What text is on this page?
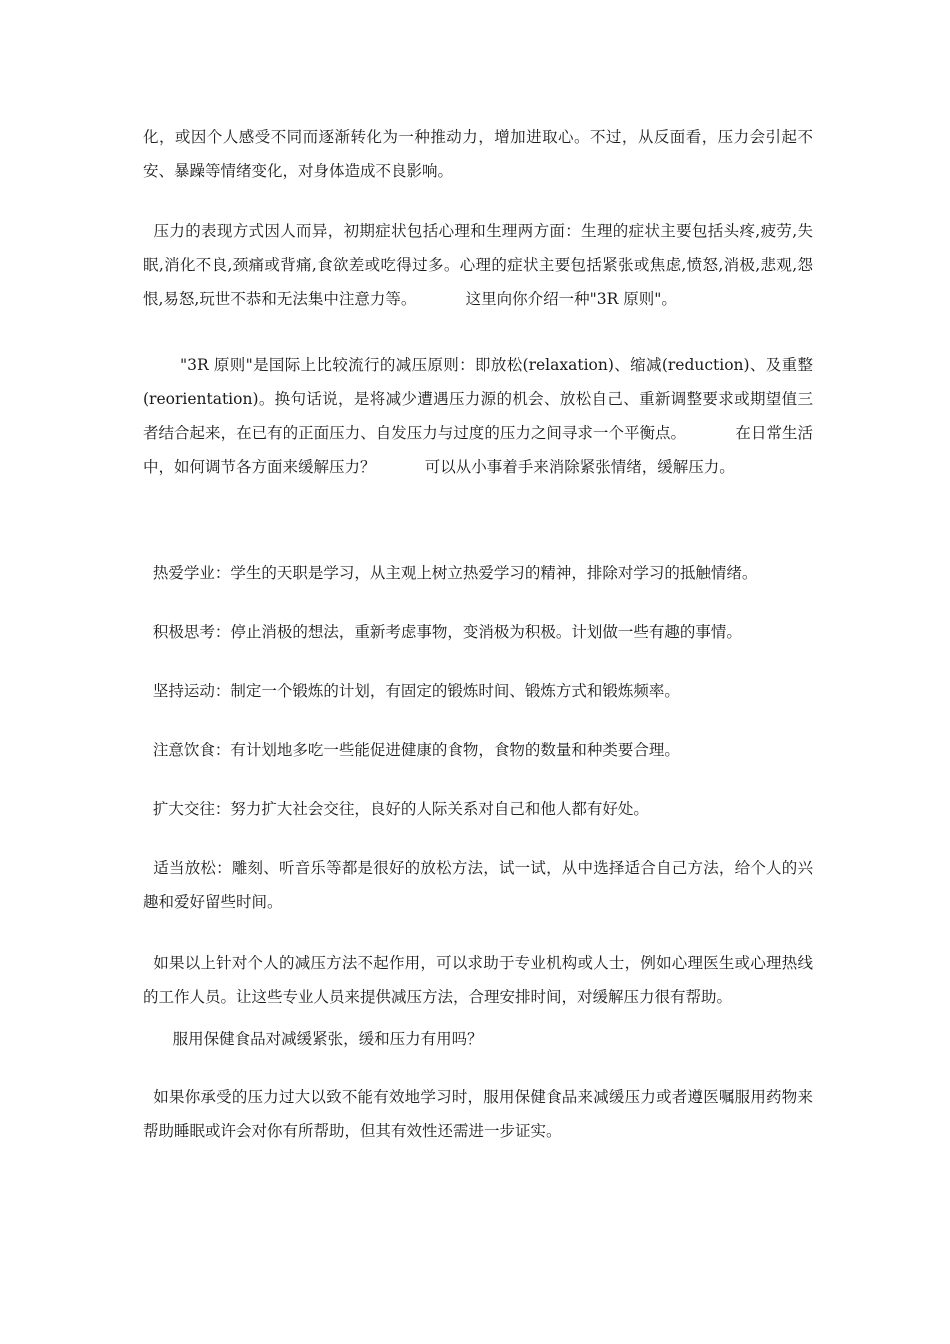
化，或因个人感受不同而逐渐转化为一种推动力，增加进取心。不过，从反面看，压力会引起不安、暴躁等情绪变化，对身体造成不良影响。

压力的表现方式因人而异，初期症状包括心理和生理两方面：生理的症状主要包括头疼,疲劳,失眠,消化不良,颈痛或背痛,食欲差或吃得过多。心理的症状主要包括紧张或焦虑,愤怒,消极,悲观,怨恨,易怒,玩世不恭和无法集中注意力等。          这里向你介绍一种"3R 原则"。

"3R 原则"是国际上比较流行的减压原则：即放松(relaxation)、缩减(reduction)、及重整(reorientation)。换句话说，是将减少遭遇压力源的机会、放松自己、重新调整要求或期望值三者结合起来，在已有的正面压力、自发压力与过度的压力之间寻求一个平衡点。          在日常生活中，如何调节各方面来缓解压力？          可以从小事着手来消除紧张情绪，缓解压力。

热爱学业：学生的天职是学习，从主观上树立热爱学习的精神，排除对学习的抵触情绪。

积极思考：停止消极的想法，重新考虑事物，变消极为积极。计划做一些有趣的事情。

坚持运动：制定一个锻炼的计划，有固定的锻炼时间、锻炼方式和锻炼频率。

注意饮食：有计划地多吃一些能促进健康的食物，食物的数量和种类要合理。

扩大交往：努力扩大社会交往，良好的人际关系对自己和他人都有好处。

适当放松：雕刻、听音乐等都是很好的放松方法，试一试，从中选择适合自己方法，给个人的兴趣和爱好留些时间。

如果以上针对个人的减压方法不起作用，可以求助于专业机构或人士，例如心理医生或心理热线的工作人员。让这些专业人员来提供减压方法，合理安排时间，对缓解压力很有帮助。

服用保健食品对减缓紧张，缓和压力有用吗？

如果你承受的压力过大以致不能有效地学习时，服用保健食品来减缓压力或者遵医嘱服用药物来帮助睡眠或许会对你有所帮助，但其有效性还需进一步证实。
